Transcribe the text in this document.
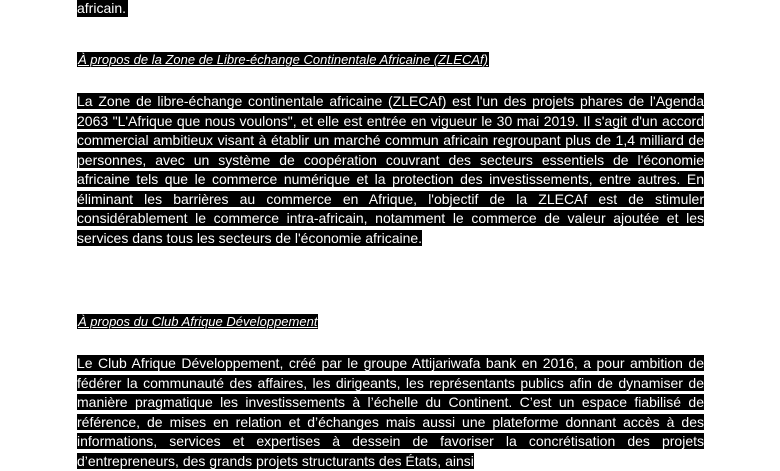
africain.
À propos de la Zone de Libre-échange Continentale Africaine (ZLECAf)

La Zone de libre-échange continentale africaine (ZLECAf) est l'un des projets phares de l'Agenda 2063 "L'Afrique que nous voulons", et elle est entrée en vigueur le 30 mai 2019. Il s'agit d'un accord commercial ambitieux visant à établir un marché commun africain regroupant plus de 1,4 milliard de personnes, avec un système de coopération couvrant des secteurs essentiels de l'économie africaine tels que le commerce numérique et la protection des investissements, entre autres. En éliminant les barrières au commerce en Afrique, l'objectif de la ZLECAf est de stimuler considérablement le commerce intra-africain, notamment le commerce de valeur ajoutée et les services dans tous les secteurs de l'économie africaine.

À propos du Club Afrique Développement

Le Club Afrique Développement, créé par le groupe Attijariwafa bank en 2016, a pour ambition de fédérer la communauté des affaires, les dirigeants, les représentants publics afin de dynamiser de manière pragmatique les investissements à l’échelle du Continent. C’est un espace fiabilisé de référence, de mises en relation et d’échanges mais aussi une plateforme donnant accès à des informations, services et expertises à dessein de favoriser la concrétisation des projets d’entrepreneurs, des grands projets structurants des États, ainsi
